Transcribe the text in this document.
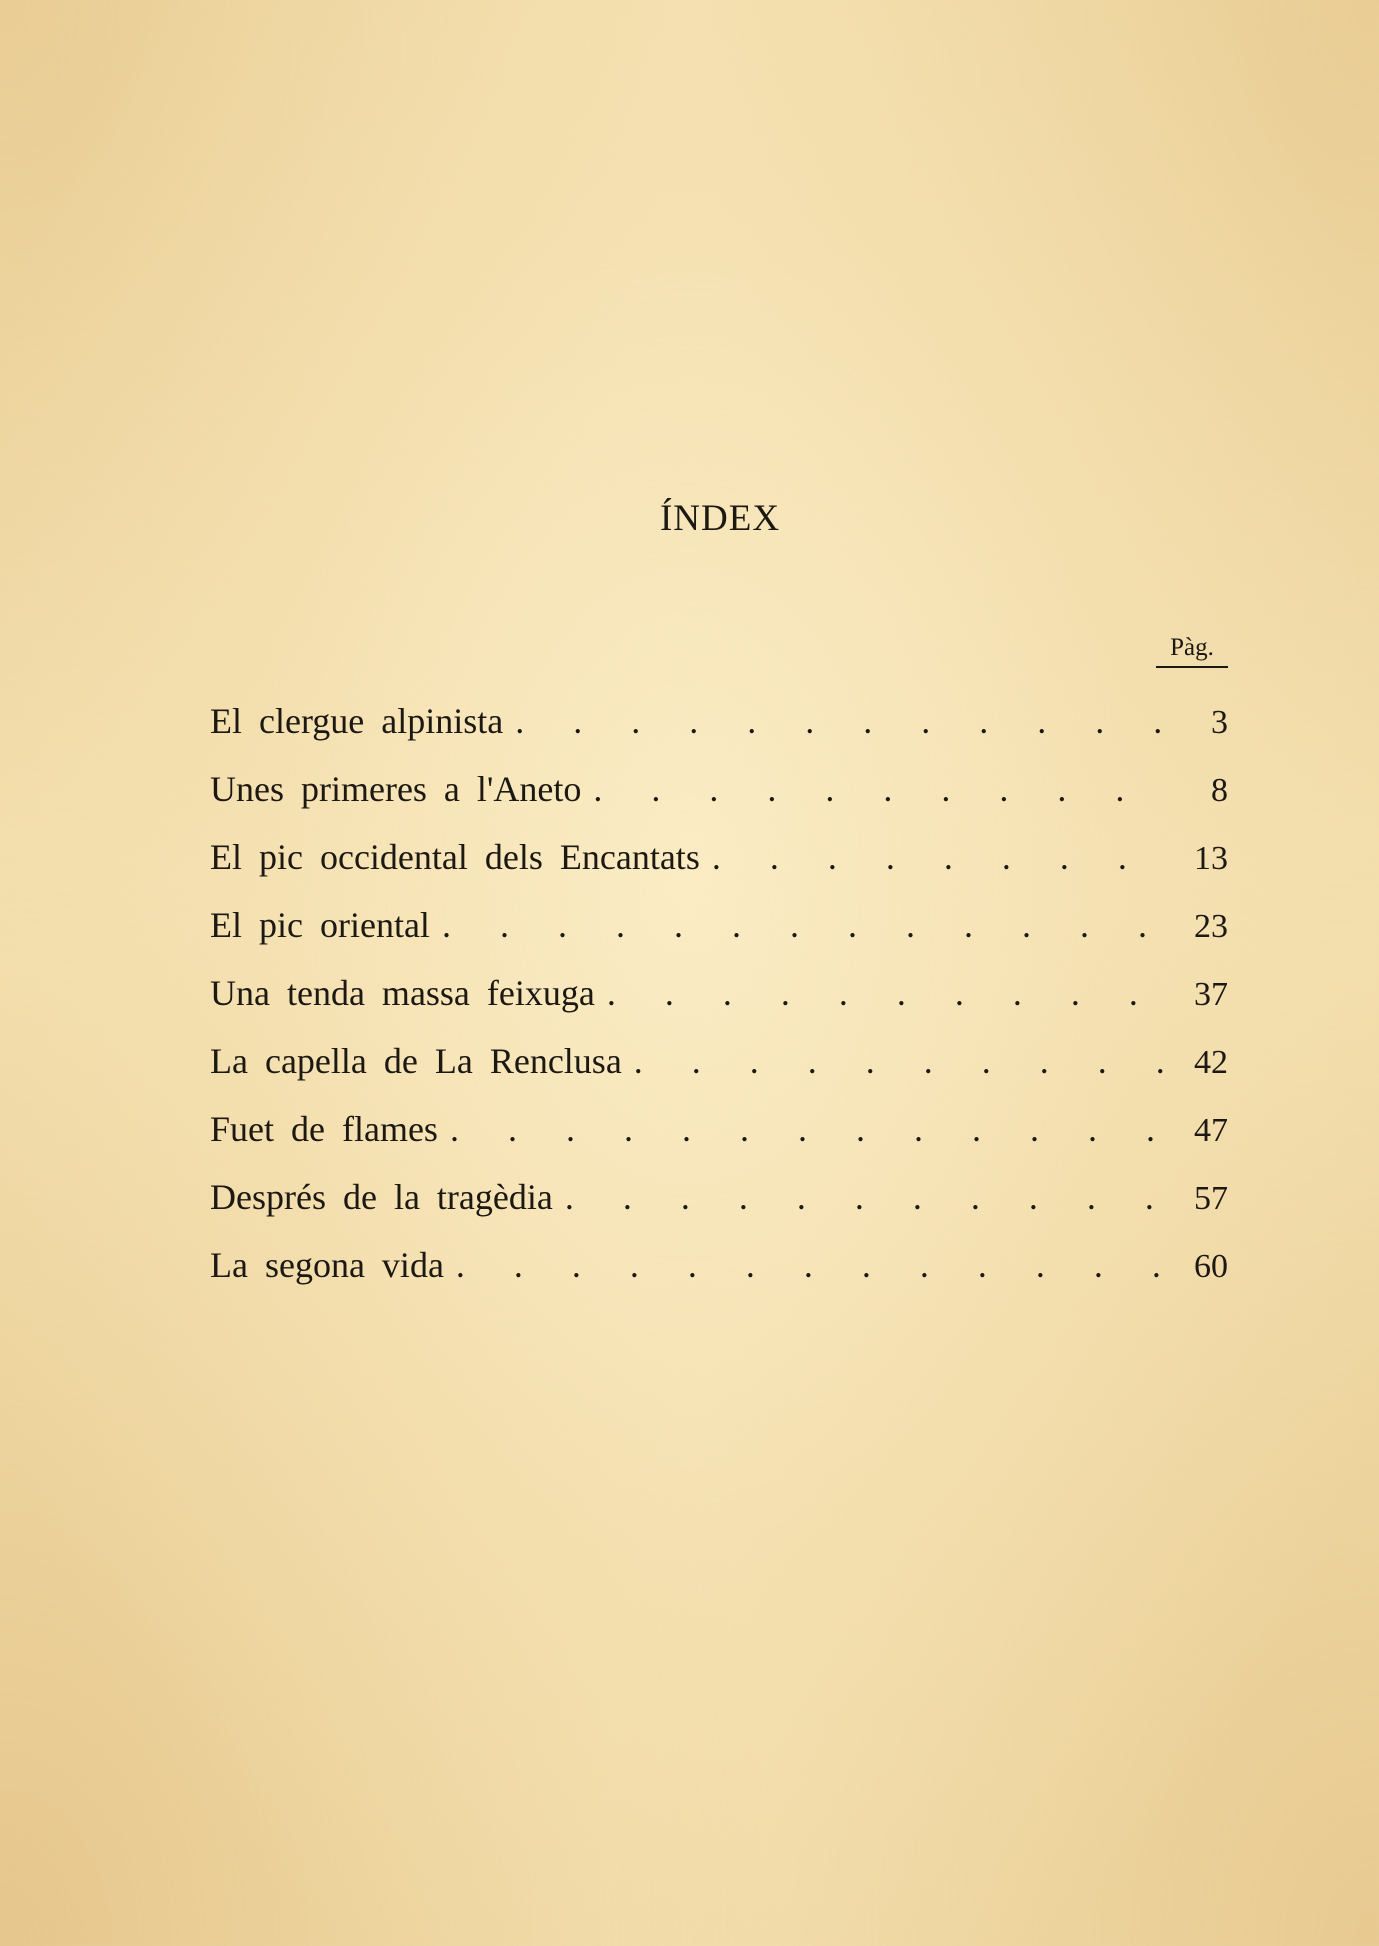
ÍNDEX
Pàg.
El clergue alpinista . . .	3
Unes primeres a l'Aneto . . .	8
El pic occidental dels Encantats . . .	13
El pic oriental . . .	23
Una tenda massa feixuga . . .	37
La capella de La Renclusa . . .	42
Fuet de flames . . .	47
Després de la tragèdia . . .	57
La segona vida . . .	60
